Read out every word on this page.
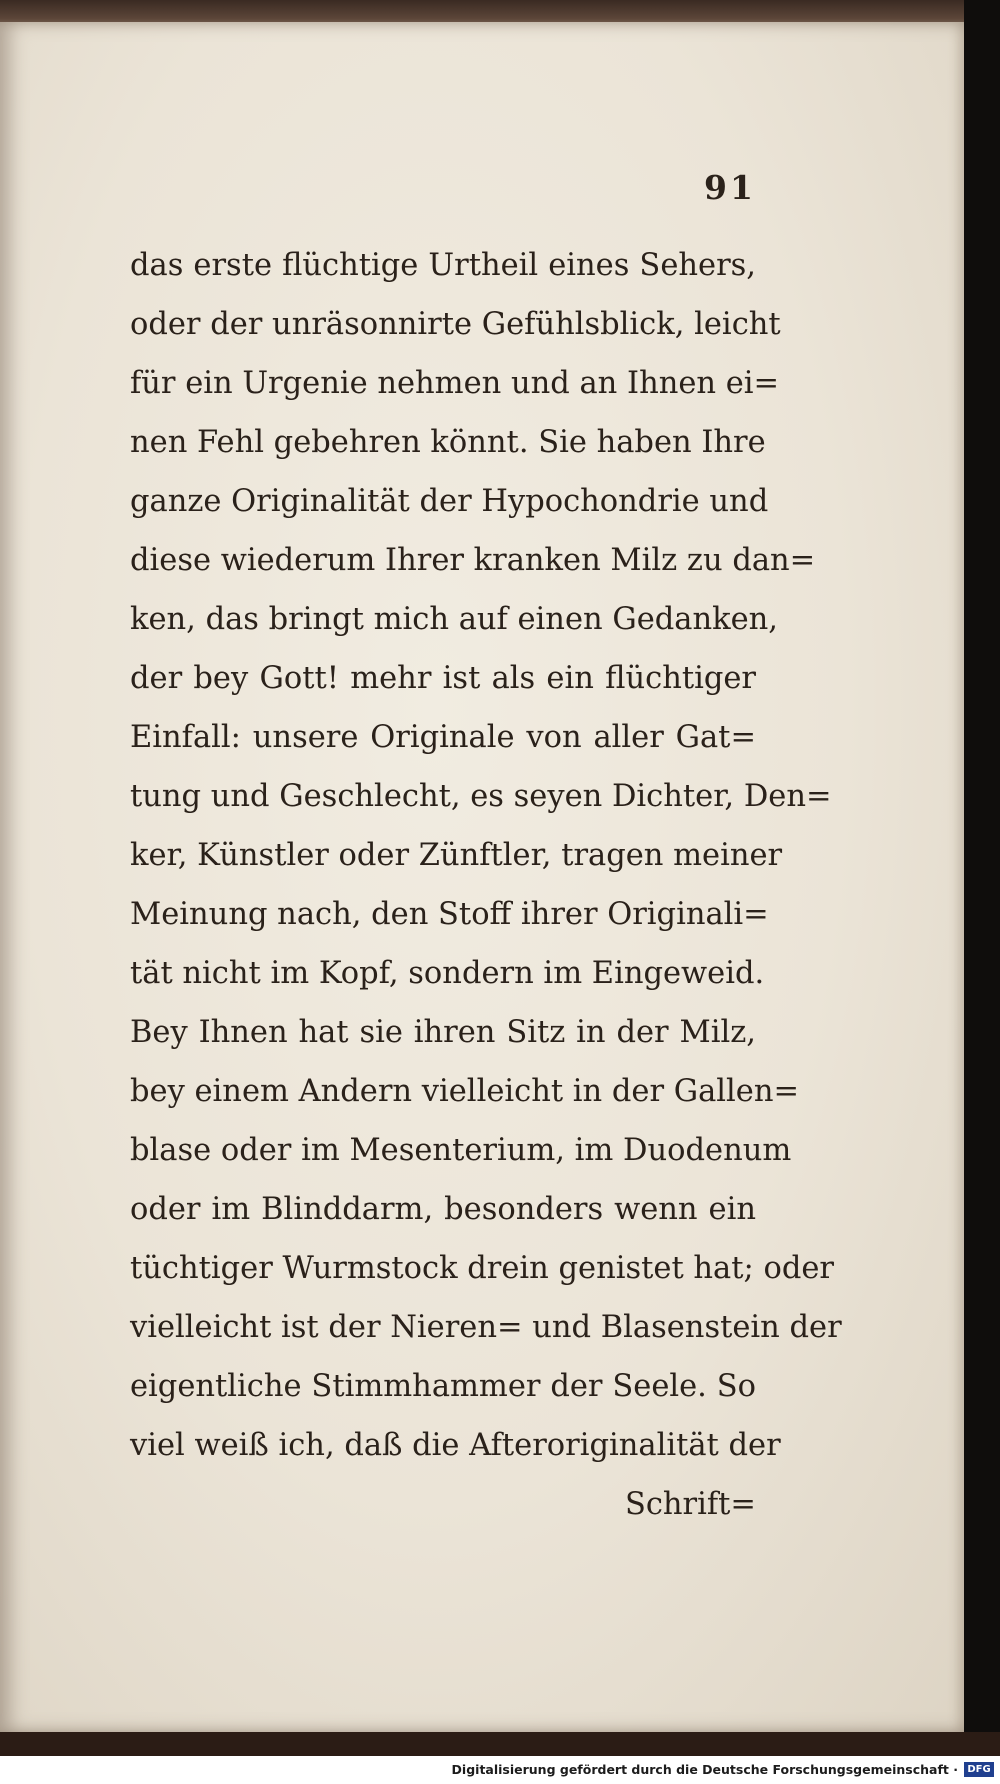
91
das erste flüchtige Urtheil eines Sehers,
oder der unräsonnirte Gefühlsblick, leicht
für ein Urgenie nehmen und an Ihnen ei=
nen Fehl gebehren könnt. Sie haben Ihre
ganze Originalität der Hypochondrie und
diese wiederum Ihrer kranken Milz zu dan=
ken, das bringt mich auf einen Gedanken,
der bey Gott! mehr ist als ein flüchtiger
Einfall: unsere Originale von aller Gat=
tung und Geschlecht, es seyen Dichter, Den=
ker, Künstler oder Zünftler, tragen meiner
Meinung nach, den Stoff ihrer Originali=
tät nicht im Kopf, sondern im Eingeweid.
Bey Ihnen hat sie ihren Sitz in der Milz,
bey einem Andern vielleicht in der Gallen=
blase oder im Mesenterium, im Duodenum
oder im Blinddarm, besonders wenn ein
tüchtiger Wurmstock drein genistet hat; oder
vielleicht ist der Nieren= und Blasenstein der
eigentliche Stimmhammer der Seele. So
viel weiß ich, daß die Afteroriginalität der
Schrift=
Digitalisierung gefördert durch die Deutsche Forschungsgemeinschaft · DFG
